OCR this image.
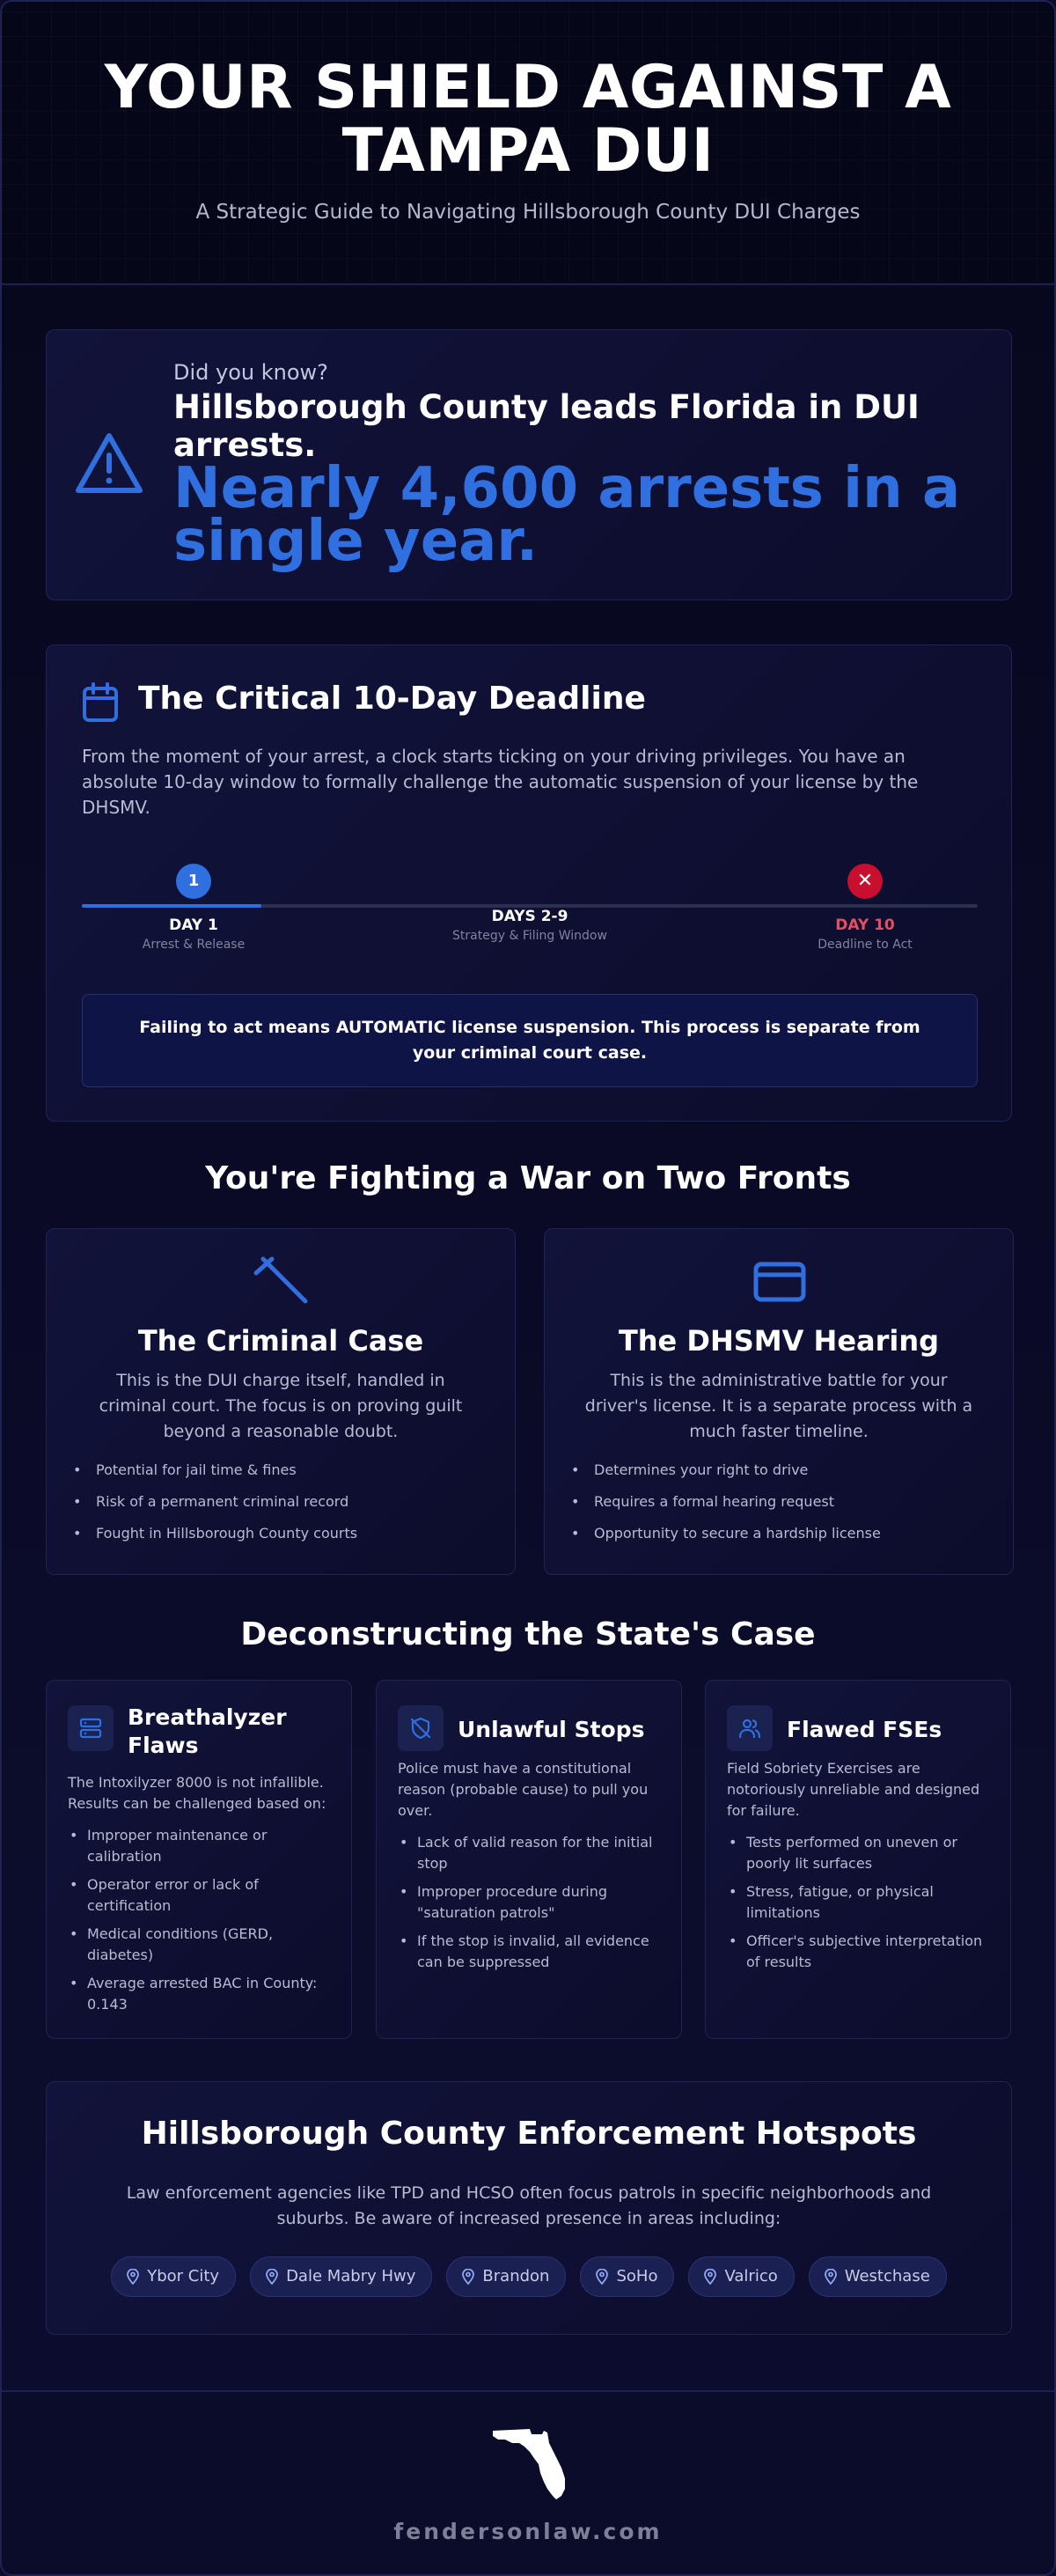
YOUR SHIELD AGAINST A TAMPA DUI
A Strategic Guide to Navigating Hillsborough County DUI Charges
Did you know?
Hillsborough County leads Florida in DUI arrests.
Nearly 4,600 arrests in a single year.
The Critical 10-Day Deadline
From the moment of your arrest, a clock starts ticking on your driving privileges. You have an absolute 10-day window to formally challenge the automatic suspension of your license by the DHSMV.
1	✕
DAY 1
Arrest & Release
DAYS 2-9
Strategy & Filing Window
DAY 10
Deadline to Act
Failing to act means AUTOMATIC license suspension. This process is separate from your criminal court case.
You're Fighting a War on Two Fronts
The Criminal Case
This is the DUI charge itself, handled in criminal court. The focus is on proving guilt beyond a reasonable doubt.
• Potential for jail time & fines
• Risk of a permanent criminal record
• Fought in Hillsborough County courts
The DHSMV Hearing
This is the administrative battle for your driver's license. It is a separate process with a much faster timeline.
• Determines your right to drive
• Requires a formal hearing request
• Opportunity to secure a hardship license
Deconstructing the State's Case
Breathalyzer Flaws
The Intoxilyzer 8000 is not infallible. Results can be challenged based on:
• Improper maintenance or calibration
• Operator error or lack of certification
• Medical conditions (GERD, diabetes)
• Average arrested BAC in County: 0.143
Unlawful Stops
Police must have a constitutional reason (probable cause) to pull you over.
• Lack of valid reason for the initial stop
• Improper procedure during "saturation patrols"
• If the stop is invalid, all evidence can be suppressed
Flawed FSEs
Field Sobriety Exercises are notoriously unreliable and designed for failure.
• Tests performed on uneven or poorly lit surfaces
• Stress, fatigue, or physical limitations
• Officer's subjective interpretation of results
Hillsborough County Enforcement Hotspots
Law enforcement agencies like TPD and HCSO often focus patrols in specific neighborhoods and suburbs. Be aware of increased presence in areas including:
Ybor City	Dale Mabry Hwy	Brandon	SoHo	Valrico	Westchase
fendersonlaw.com
